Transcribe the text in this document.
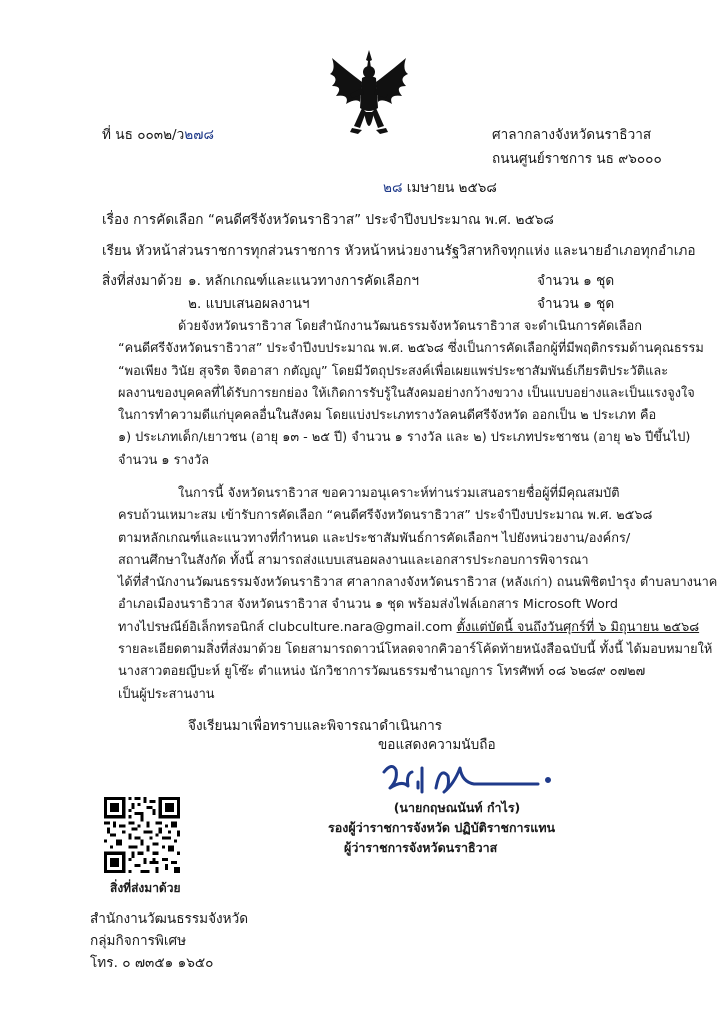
ที่ นธ ๐๐๓๒/ว๒๗๘	ศาลากลางจังหวัดนราธิวาส
ถนนศูนย์ราชการ นธ ๙๖๐๐๐
๒๘ เมษายน ๒๕๖๘
เรื่อง การคัดเลือก “คนดีศรีจังหวัดนราธิวาส” ประจำปีงบประมาณ พ.ศ. ๒๕๖๘
เรียน หัวหน้าส่วนราชการทุกส่วนราชการ หัวหน้าหน่วยงานรัฐวิสาหกิจทุกแห่ง และนายอำเภอทุกอำเภอ
สิ่งที่ส่งมาด้วย ๑. หลักเกณฑ์และแนวทางการคัดเลือกฯ	จำนวน ๑ ชุด
๒. แบบเสนอผลงานฯ	จำนวน ๑ ชุด
ด้วยจังหวัดนราธิวาส โดยสำนักงานวัฒนธรรมจังหวัดนราธิวาส จะดำเนินการคัดเลือก
“คนดีศรีจังหวัดนราธิวาส” ประจำปีงบประมาณ พ.ศ. ๒๕๖๘ ซึ่งเป็นการคัดเลือกผู้ที่มีพฤติกรรมด้านคุณธรรม
“พอเพียง วินัย สุจริต จิตอาสา กตัญญู” โดยมีวัตถุประสงค์เพื่อเผยแพร่ประชาสัมพันธ์เกียรติประวัติและ
ผลงานของบุคคลที่ได้รับการยกย่อง ให้เกิดการรับรู้ในสังคมอย่างกว้างขวาง เป็นแบบอย่างและเป็นแรงจูงใจ
ในการทำความดีแก่บุคคลอื่นในสังคม โดยแบ่งประเภทรางวัลคนดีศรีจังหวัด ออกเป็น ๒ ประเภท คือ
๑) ประเภทเด็ก/เยาวชน (อายุ ๑๓ - ๒๕ ปี) จำนวน ๑ รางวัล และ ๒) ประเภทประชาชน (อายุ ๒๖ ปีขึ้นไป)
จำนวน ๑ รางวัล
ในการนี้ จังหวัดนราธิวาส ขอความอนุเคราะห์ท่านร่วมเสนอรายชื่อผู้ที่มีคุณสมบัติ
ครบถ้วนเหมาะสม เข้ารับการคัดเลือก “คนดีศรีจังหวัดนราธิวาส” ประจำปีงบประมาณ พ.ศ. ๒๕๖๘
ตามหลักเกณฑ์และแนวทางที่กำหนด และประชาสัมพันธ์การคัดเลือกฯ ไปยังหน่วยงาน/องค์กร/
สถานศึกษาในสังกัด ทั้งนี้ สามารถส่งแบบเสนอผลงานและเอกสารประกอบการพิจารณา
ได้ที่สำนักงานวัฒนธรรมจังหวัดนราธิวาส ศาลากลางจังหวัดนราธิวาส (หลังเก่า) ถนนพิชิตบำรุง ตำบลบางนาค
อำเภอเมืองนราธิวาส จังหวัดนราธิวาส จำนวน ๑ ชุด พร้อมส่งไฟล์เอกสาร Microsoft Word
ทางไปรษณีย์อิเล็กทรอนิกส์ clubculture.nara@gmail.com ตั้งแต่บัดนี้ จนถึงวันศุกร์ที่ ๖ มิถุนายน ๒๕๖๘
รายละเอียดตามสิ่งที่ส่งมาด้วย โดยสามารถดาวน์โหลดจากคิวอาร์โค้ดท้ายหนังสือฉบับนี้ ทั้งนี้ ได้มอบหมายให้
นางสาวตอยญีบะห์ ยูโซ๊ะ ตำแหน่ง นักวิชาการวัฒนธรรมชำนาญการ โทรศัพท์ ๐๘ ๖๒๘๙ ๐๗๒๗
เป็นผู้ประสานงาน
จึงเรียนมาเพื่อทราบและพิจารณาดำเนินการ
ขอแสดงความนับถือ
(นายกฤษณนันท์ กำไร)
รองผู้ว่าราชการจังหวัด ปฏิบัติราชการแทน
ผู้ว่าราชการจังหวัดนราธิวาส
สิ่งที่ส่งมาด้วย
สำนักงานวัฒนธรรมจังหวัด
กลุ่มกิจการพิเศษ
โทร. ๐ ๗๓๕๑ ๑๖๕๐
